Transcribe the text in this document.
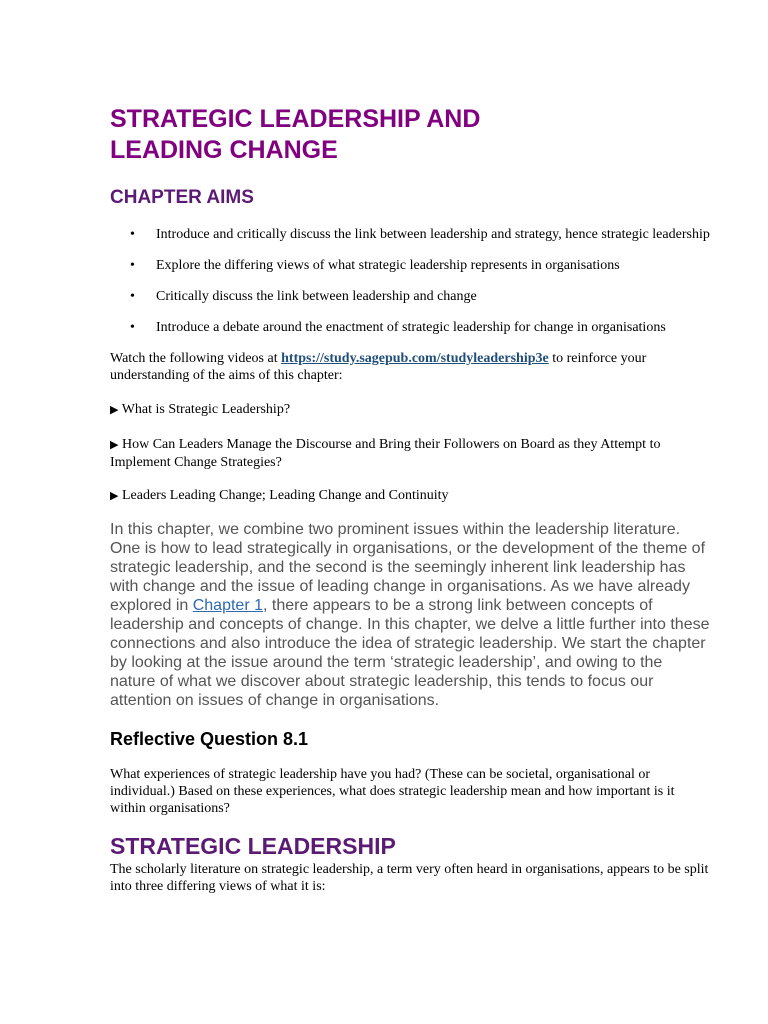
STRATEGIC LEADERSHIP AND
LEADING CHANGE
CHAPTER AIMS
• Introduce and critically discuss the link between leadership and strategy, hence strategic leadership
• Explore the differing views of what strategic leadership represents in organisations
• Critically discuss the link between leadership and change
• Introduce a debate around the enactment of strategic leadership for change in organisations

Watch the following videos at https://study.sagepub.com/studyleadership3e to reinforce your understanding of the aims of this chapter:

▶ What is Strategic Leadership?

▶ How Can Leaders Manage the Discourse and Bring their Followers on Board as they Attempt to Implement Change Strategies?

▶ Leaders Leading Change; Leading Change and Continuity

In this chapter, we combine two prominent issues within the leadership literature. One is how to lead strategically in organisations, or the development of the theme of strategic leadership, and the second is the seemingly inherent link leadership has with change and the issue of leading change in organisations. As we have already explored in Chapter 1, there appears to be a strong link between concepts of leadership and concepts of change. In this chapter, we delve a little further into these connections and also introduce the idea of strategic leadership. We start the chapter by looking at the issue around the term ‘strategic leadership’, and owing to the nature of what we discover about strategic leadership, this tends to focus our attention on issues of change in organisations.

Reflective Question 8.1

What experiences of strategic leadership have you had? (These can be societal, organisational or individual.) Based on these experiences, what does strategic leadership mean and how important is it within organisations?

STRATEGIC LEADERSHIP

The scholarly literature on strategic leadership, a term very often heard in organisations, appears to be split into three differing views of what it is:
